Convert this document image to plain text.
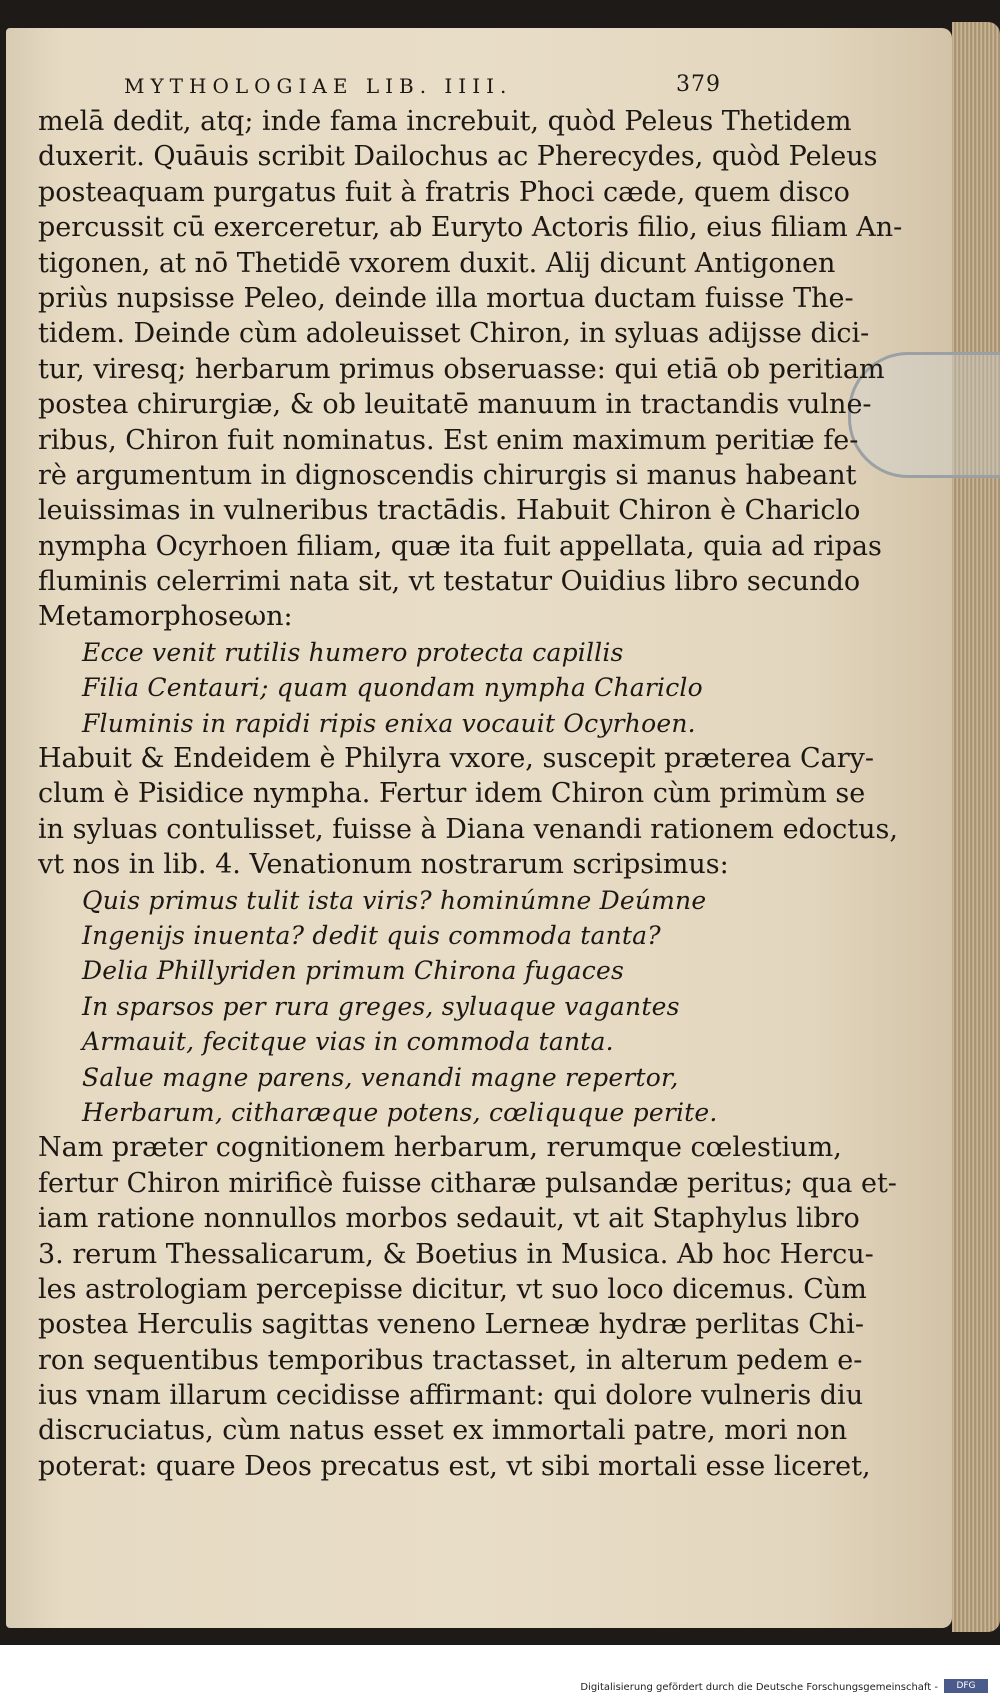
MYTHOLOGIAE LIB. IIII.	379
melā dedit, atq; inde fama increbuit, quòd Peleus Thetidem
duxerit. Quāuis scribit Dailochus ac Pherecydes, quòd Peleus
posteaquam purgatus fuit à fratris Phoci cæde, quem disco
percussit cū exerceretur, ab Euryto Actoris filio, eius filiam An-
tigonen, at nō Thetidē vxorem duxit. Alij dicunt Antigonen
priùs nupsisse Peleo, deinde illa mortua ductam fuisse The-
tidem. Deinde cùm adoleuisset Chiron, in syluas adijsse dici-
tur, viresq; herbarum primus obseruasse: qui etiā ob peritiam
postea chirurgiæ, & ob leuitatē manuum in tractandis vulne-
ribus, Chiron fuit nominatus. Est enim maximum peritiæ fe-
rè argumentum in dignoscendis chirurgis si manus habeant
leuissimas in vulneribus tractādis. Habuit Chiron è Chariclo
nympha Ocyrhoen filiam, quæ ita fuit appellata, quia ad ripas
fluminis celerrimi nata sit, vt testatur Ouidius libro secundo
Metamorphoseωn:
Ecce venit rutilis humero protecta capillis
Filia Centauri; quam quondam nympha Chariclo
Fluminis in rapidi ripis enixa vocauit Ocyrhoen.
Habuit & Endeidem è Philyra vxore, suscepit præterea Cary-
clum è Pisidice nympha. Fertur idem Chiron cùm primùm se
in syluas contulisset, fuisse à Diana venandi rationem edoctus,
vt nos in lib. 4. Venationum nostrarum scripsimus:
Quis primus tulit ista viris? hominúmne Deúmne
Ingenijs inuenta? dedit quis commoda tanta?
Delia Phillyriden primum Chirona fugaces
In sparsos per rura greges, syluaque vagantes
Armauit, fecitque vias in commoda tanta.
Salue magne parens, venandi magne repertor,
Herbarum, citharæque potens, cœliquque perite.
Nam præter cognitionem herbarum, rerumque cœlestium,
fertur Chiron mirificè fuisse citharæ pulsandæ peritus; qua et-
iam ratione nonnullos morbos sedauit, vt ait Staphylus libro
3. rerum Thessalicarum, & Boetius in Musica. Ab hoc Hercu-
les astrologiam percepisse dicitur, vt suo loco dicemus. Cùm
postea Herculis sagittas veneno Lerneæ hydræ perlitas Chi-
ron sequentibus temporibus tractasset, in alterum pedem e-
ius vnam illarum cecidisse affirmant: qui dolore vulneris diu
discruciatus, cùm natus esset ex immortali patre, mori non
poterat: quare Deos precatus est, vt sibi mortali esse liceret,
Digitalisierung gefördert durch die Deutsche Forschungsgemeinschaft -	DFG
